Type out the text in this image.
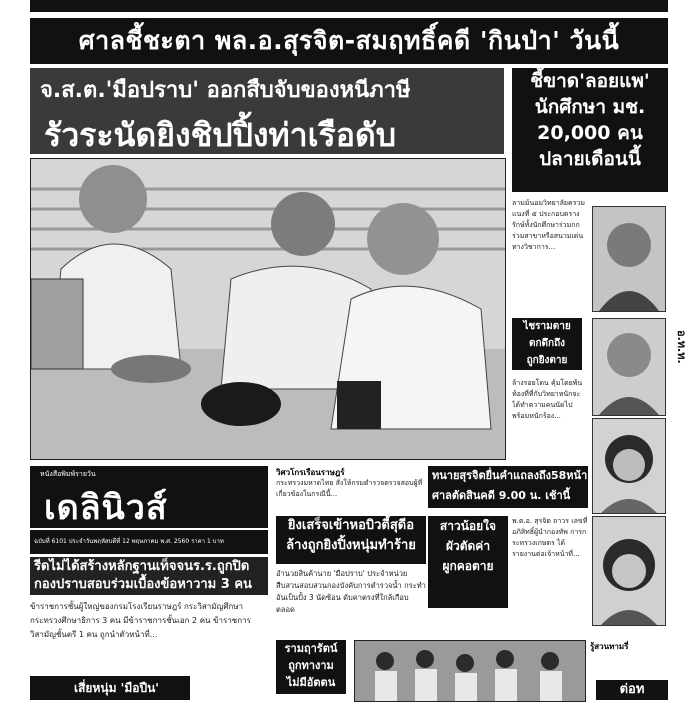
ศาลชี้ชะตา พล.อ.สุรจิต-สมฤทธิ์คดี 'กินป่า' วันนี้
จ.ส.ต.'มือปราบ' ออกสืบจับของหนีภาษี
รัวระนัดยิงชิปปิ้งท่าเรือดับ
ชี้ขาด'ลอยแพ'
นักศึกษา มช.
20,000 คน
ปลายเดือนนี้
ลามม้นอมวิทยาลัยครวมแนงที่ ๕ ประกอบตรางรักษ์ทั้งนักศึกษาร่วมกกร่วมสาขาหรือสนามเด่นทางวิชาการ...
ไชรามตาย
ตกดึกถึง
ถูกยิงตาย	อ.ท.ท.
ล้างรอยโดน คุ้มโดยพ้นท้องที่ที่กับวิทยาหนักจะได้ทำความคนนัดไปพร้อมหนักร้อง...
หนังสือพิมพ์รายวัน
เดลินิวส์
ฉบับที่ 6101 ประจำวันพฤหัสบดีที่ 12 พฤษภาคม พ.ศ. 2560 ราคา 1 บาท
รีดไม่ได้สร้างหลักฐานเท็จจนร.ร.ถูกปิด
กองปราบสอบร่วมเบื้องข้อหาวาม 3 คน
ข้าราชการชั้นผู้ใหญ่ของกรมโรงเรียนราษฎร์ กระวิสามัญศึกษา กระทรวงศึกษาธิการ 3 คน มีข้าราชการชั้นเอก 2 คน ข้าราชการวิสามัญชั้นตรี 1 คน ถูกนำตัวหน้าที่...
วิศวโกรเรือนราษฎร์
กระทรวงมหาดไทย สั่งให้กรมตำรวจตรวจสอบผู้ที่เกี่ยวข้องในกรณีนี้...
ยิงเสร็จเข้าหอบิวตี้สุดีอ
ล้างถูกยิงปิ้งหนุ่มทำร้าย
อำนวยสินค้านาย 'มือปราบ' ประจำหน่วยสืบสวนสอบสวนกองบังคับการตำรวจน้ำ กระทำอันเป็นปั้ง 3 นัดซ้อน ดับคาตรงที่ใกล้เกือบตลอด
ทนายสุรจิตยื่นคำแถลงถึง58หน้า
ศาลตัดสินคดี 9.00 น. เช้านี้
สาวน้อยใจ
ผัวตัดค่า
ผูกคอตาย
พ.ต.อ. สุรจิต ถาวร เลขที่ อภิสิทธิ์ผู้นำกองทัพ การกระทรวงเกษตร ได้รายงานต่อเจ้าหน้าที่...
รามฤารัตน์
ถูกทางาม
ไม่มีอัตตน
รู้สวนทามรี่
เสี่ยหนุ่ม 'มือปืน'	ต่อท
